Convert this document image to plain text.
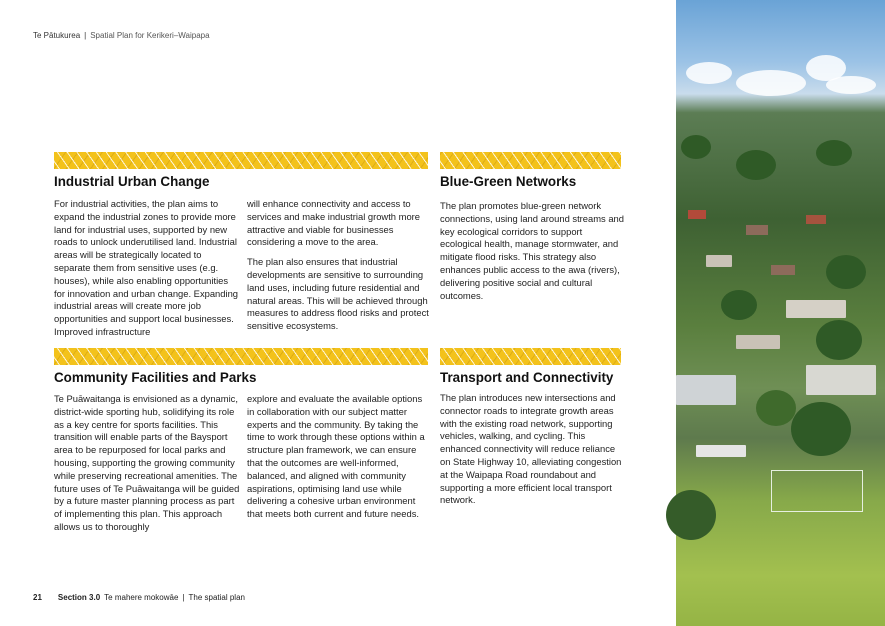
Te Pātukurea | Spatial Plan for Kerikeri–Waipapa
Industrial Urban Change

For industrial activities, the plan aims to expand the industrial zones to provide more land for industrial uses, supported by new roads to unlock underutilised land. Industrial areas will be strategically located to separate them from sensitive uses (e.g. houses), while also enabling opportunities for innovation and urban change. Expanding industrial areas will create more job opportunities and support local businesses. Improved infrastructure

will enhance connectivity and access to services and make industrial growth more attractive and viable for businesses considering a move to the area.

The plan also ensures that industrial developments are sensitive to surrounding land uses, including future residential and natural areas. This will be achieved through measures to address flood risks and protect sensitive ecosystems.

Blue-Green Networks

The plan promotes blue-green network connections, using land around streams and key ecological corridors to support ecological health, manage stormwater, and mitigate flood risks. This strategy also enhances public access to the awa (rivers), delivering positive social and cultural outcomes.

Community Facilities and Parks

Te Puāwaitanga is envisioned as a dynamic, district-wide sporting hub, solidifying its role as a key centre for sports facilities. This transition will enable parts of the Baysport area to be repurposed for local parks and housing, supporting the growing community while preserving recreational amenities. The future uses of Te Puāwaitanga will be guided by a future master planning process as part of implementing this plan. This approach allows us to thoroughly

explore and evaluate the available options in collaboration with our subject matter experts and the community. By taking the time to work through these options within a structure plan framework, we can ensure that the outcomes are well-informed, balanced, and aligned with community aspirations, optimising land use while delivering a cohesive urban environment that meets both current and future needs.

Transport and Connectivity

The plan introduces new intersections and connector roads to integrate growth areas with the existing road network, supporting vehicles, walking, and cycling. This enhanced connectivity will reduce reliance on State Highway 10, alleviating congestion at the Waipapa Road roundabout and supporting a more efficient local transport network.

21 Section 3.0 Te mahere mokowāe | The spatial plan
